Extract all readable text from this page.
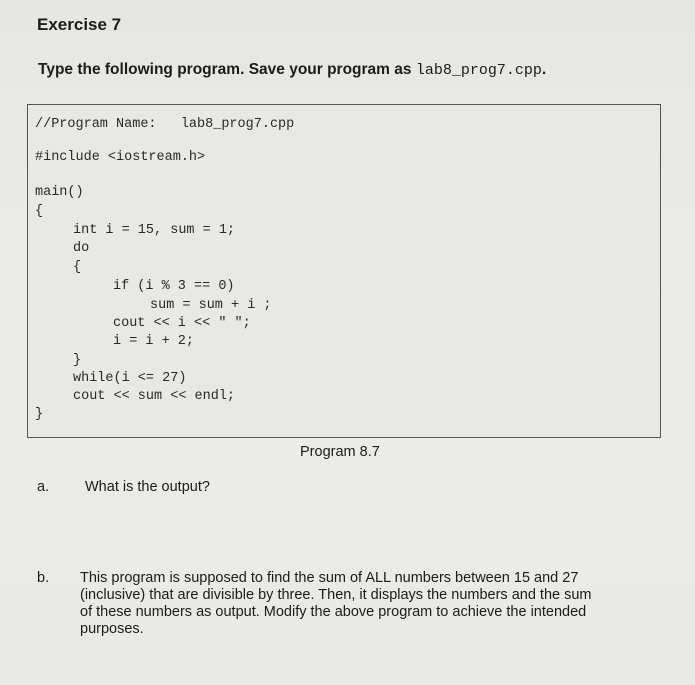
Exercise 7
Type the following program. Save your program as lab8_prog7.cpp.
//Program Name:   lab8_prog7.cpp
#include <iostream.h>
main()
{
int i = 15, sum = 1;
do
{
if (i % 3 == 0)
sum = sum + i ;
cout << i << " ";
i = i + 2;
}
while(i <= 27)
cout << sum << endl;
}
Program 8.7
a. What is the output?
b. This program is supposed to find the sum of ALL numbers between 15 and 27
(inclusive) that are divisible by three. Then, it displays the numbers and the sum
of these numbers as output. Modify the above program to achieve the intended
purposes.
